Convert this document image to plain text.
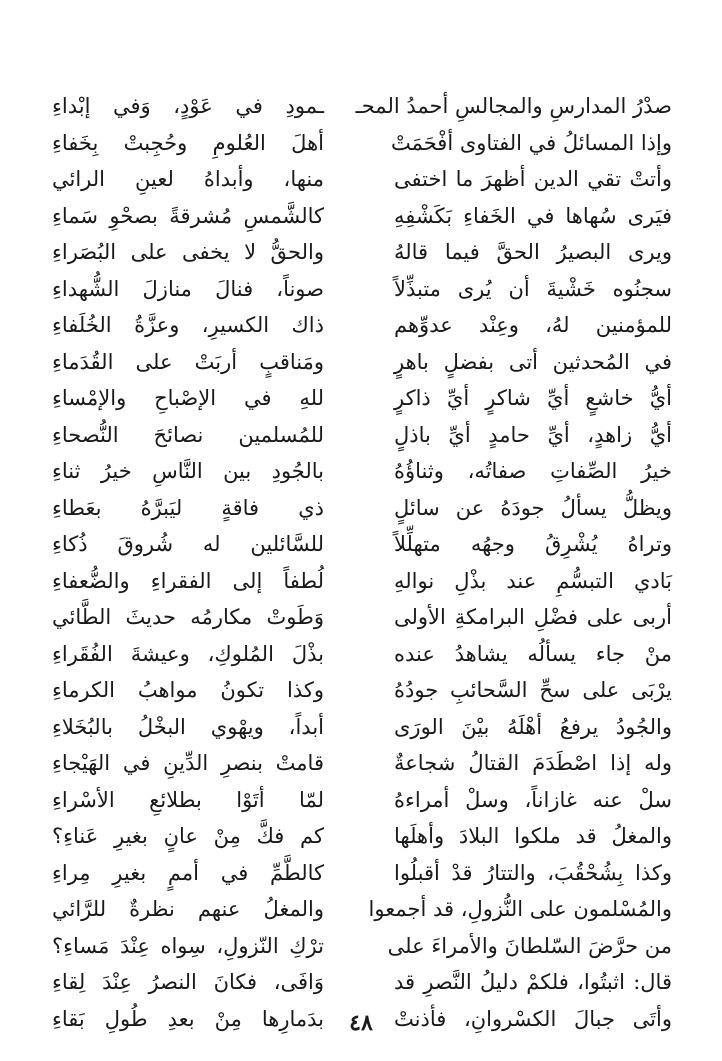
صدْرُ المدارسِ والمجالسِ أحمدُ المحـ
ـمودِ في عَوْدٍ، وَفي إبْداءِ
وإذا المسائلُ في الفتاوى أفْحَمَتْ
أهلَ العُلومِ وحُجِبتْ بِخَفاءِ
وأتتْ تقي الدين أظهرَ ما اختفى
منها، وأبداهُ لعينِ الرائي
فيَرى سُهاها في الخَفاءِ بَكَشْفِهِ
كالشَّمسِ مُشرقةً بصحْوِ سَماءِ
ويرى البصيرُ الحقَّ فيما قالهُ
والحقُّ لا يخفى على البُصَراءِ
سجنُوه خَشْيةَ أن يُرى متبذِّلاً
صوناً، فنالَ منازلَ الشُّهداءِ
للمؤمنين لهُ، وعِنْد عدوِّهم
ذاك الكسيرِ، وعزَّةُ الخُلَفاءِ
في المُحدثين أتى بفضلٍ باهرٍ
ومَناقبٍ أربَتْ على القُدَماءِ
أيُّ خاشعٍ أيِّ شاكرٍ أيِّ ذاكرٍ
للهِ في الإصْباحِ والإمْساءِ
أيُّ زاهدٍ، أيِّ حامدٍ أيِّ باذلٍ
للمُسلمين نصائحَ النُّصحاءِ
خيرُ الصِّفاتِ صفاتُه، وثناؤُهُ
بالجُودِ بين النَّاسِ خيرُ ثناءِ
ويظلُّ يسألُ جودَهُ عن سائلٍ
ذي فاقةٍ ليَبرَّهُ بعَطاءِ
وتراهُ يُشْرِقُ وجهُه متهلِّلاً
للسَّائلين له شُروقَ ذُكاءِ
بَادي التبسُّمِ عند بذْلِ نوالهِ
لُطفاً إلى الفقراءِ والضُّعفاءِ
أربى على فضْلِ البرامكةِ الأولى
وَطَوتْ مكارمُه حديثَ الطَّائي
منْ جاء يسألُه يشاهدُ عنده
بذْلَ المُلوكِ، وعيشةَ الفُقَراءِ
يرْبَى على سحِّ السَّحائبِ جودُهُ
وكذا تكونُ مواهبُ الكرماءِ
والجُودُ يرفعُ أهْلَهُ بيْنَ الورَى
أبداً، ويهْوي البخْلُ بالبُخَلاءِ
وله إذا اصْطَدَمَ القتالُ شجاعةٌ
قامتْ بنصرِ الدِّينِ في الهَيْجاءِ
سلْ عنه غازاناً، وسلْ أمراءهُ
لمّا أتَوْا بطلائعِ الأسْراءِ
والمغلُ قد ملكوا البلادَ وأهلَها
كم فكَّ مِنْ عانٍ بغيرِ عَناءِ؟
وكذا بِشُحْقُبَ، والتتارُ قدْ أقبلُوا
كالطَّمِّ في أممٍ بغيرِ مِراءِ
والمُسْلمون على النُّزولِ، قد أجمعوا
والمغلُ عنهم نظرةٌ للرَّائي
من حرَّضَ السّلطانَ والأمراءَ على
ترْكِ النّزولِ، سِواه عِنْدَ مَساءِ؟
قال: اثبتُوا، فلكمْ دليلُ النَّصرِ قد
وَافَى، فكانَ النصرُ عِنْدَ لِقاءِ
وأتَى جبالَ الكسْروانِ، فأذنتْ
بدَمارِها مِنْ بعدِ طُولِ بَقاءِ	٤٨
